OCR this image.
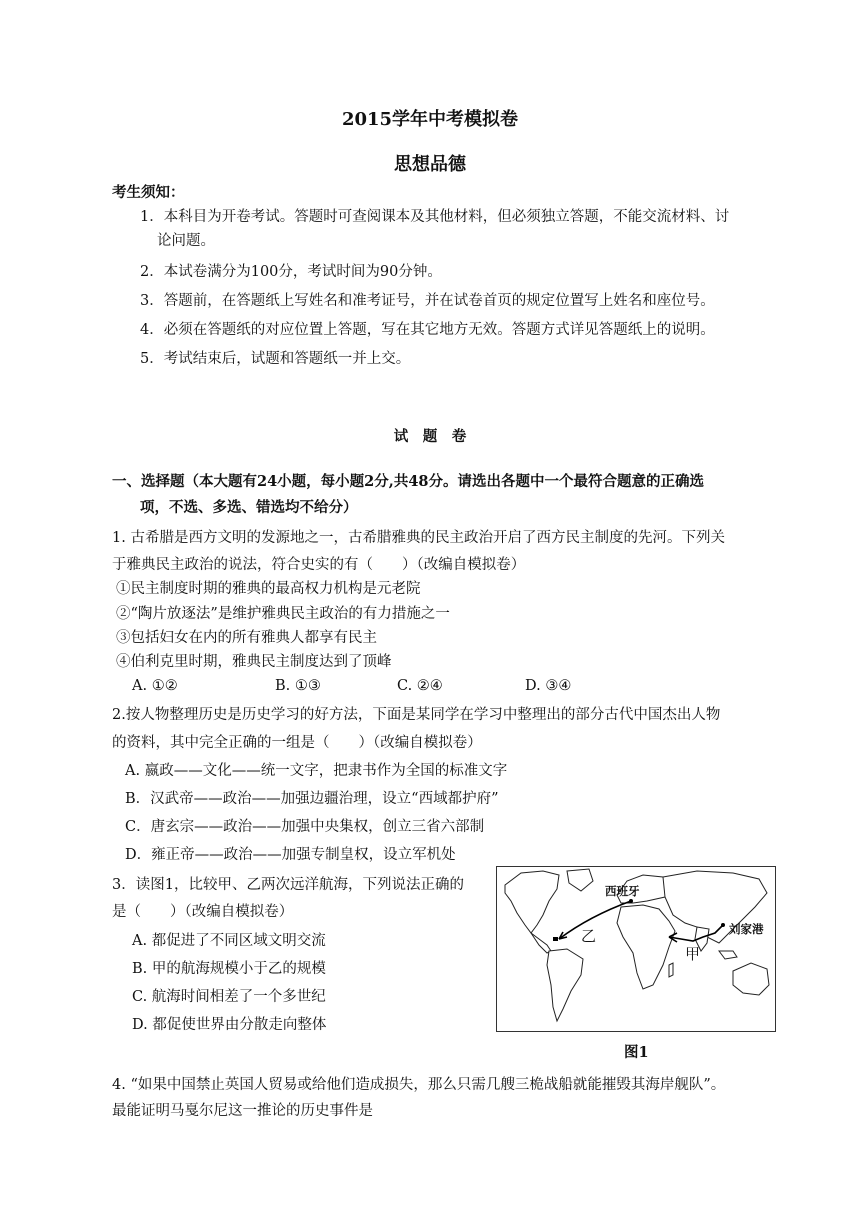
2015学年中考模拟卷
思想品德
考生须知：
1．本科目为开卷考试。答题时可查阅课本及其他材料，但必须独立答题，不能交流材料、讨
论问题。
2．本试卷满分为100分，考试时间为90分钟。
3．答题前，在答题纸上写姓名和准考证号，并在试卷首页的规定位置写上姓名和座位号。
4．必须在答题纸的对应位置上答题，写在其它地方无效。答题方式详见答题纸上的说明。
5．考试结束后，试题和答题纸一并上交。
试　题　卷
一、选择题（本大题有24小题，每小题2分,共48分。请选出各题中一个最符合题意的正确选
项，不选、多选、错选均不给分）
1. 古希腊是西方文明的发源地之一，古希腊雅典的民主政治开启了西方民主制度的先河。下列关
于雅典民主政治的说法，符合史实的有（　　）（改编自模拟卷）
①民主制度时期的雅典的最高权力机构是元老院
②“陶片放逐法”是维护雅典民主政治的有力措施之一
③包括妇女在内的所有雅典人都享有民主
④伯利克里时期，雅典民主制度达到了顶峰
A. ①②	B. ①③	C. ②④	D. ③④
2.按人物整理历史是历史学习的好方法，下面是某同学在学习中整理出的部分古代中国杰出人物
的资料，其中完全正确的一组是（　　）（改编自模拟卷）
A. 嬴政——文化——统一文字，把隶书作为全国的标准文字
B．汉武帝——政治——加强边疆治理，设立“西域都护府”
C．唐玄宗——政治——加强中央集权，创立三省六部制
D．雍正帝——政治——加强专制皇权，设立军机处
3．读图1，比较甲、乙两次远洋航海，下列说法正确的
是（　　）（改编自模拟卷）
A. 都促进了不同区域文明交流
B. 甲的航海规模小于乙的规模
C. 航海时间相差了一个多世纪
D. 都促使世界由分散走向整体
西班牙
刘家港
乙
甲
图1
4. “如果中国禁止英国人贸易或给他们造成损失，那么只需几艘三桅战船就能摧毁其海岸舰队”。
最能证明马戛尔尼这一推论的历史事件是
